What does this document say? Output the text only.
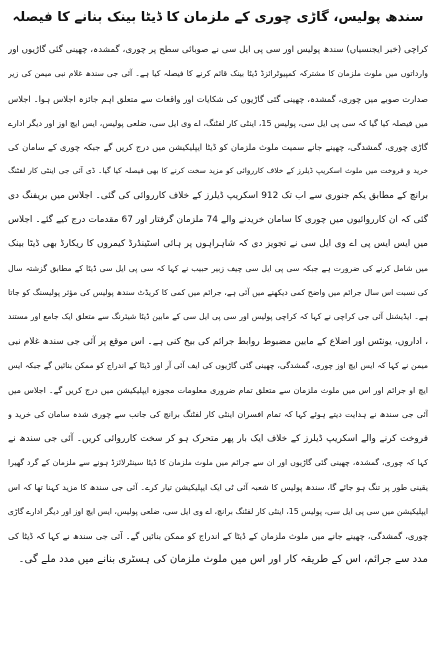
سندھ پولیس، گاڑی چوری کے ملزمان کا ڈیٹا بینک بنانے کا فیصلہ
کراچی (خبر ایجنسیاں) سندھ پولیس اور سی پی ایل سی نے صوبائی سطح پر چوری، گمشدہ، چھینی گئی گاڑیوں اور
وارداتوں میں ملوث ملزمان کا مشترکہ کمپیوٹرائزڈ ڈیٹا بینک قائم کرنے کا فیصلہ کیا ہے۔ آئی جی سندھ غلام نبی میمن کی زیر
صدارت صوبے میں چوری، گمشدہ، چھینی گئی گاڑیوں کی شکایات اور واقعات سے متعلق اہم جائزہ اجلاس ہوا۔ اجلاس
میں فیصلہ کیا گیا کہ سی پی ایل سی، پولیس 15، اینٹی کار لفٹنگ، اے وی ایل سی، ضلعی پولیس، ایس ایچ اوز اور دیگر ادارے
گاڑی چوری، گمشدگی، چھینے جانے سمیت ملوث ملزمان کو ڈیٹا ایپلیکیشن میں درج کریں گے جبکہ چوری کے سامان کی
خرید و فروخت میں ملوث اسکریپ ڈیلرز کے خلاف کارروائی کو مزید سخت کرنے کا بھی فیصلہ کیا گیا۔ ڈی آئی جی اینٹی کار لفٹنگ
برانچ کے مطابق یکم جنوری سے اب تک 912 اسکریپ ڈیلرز کے خلاف کارروائی کی گئی۔ اجلاس میں بریفنگ دی
گئی کہ ان کارروائیوں میں چوری کا سامان خریدنے والے 74 ملزمان گرفتار اور 67 مقدمات درج کیے گئے۔ اجلاس
میں ایس ایس پی اے وی ایل سی نے تجویز دی کہ شاہراہوں پر ہائی اسٹینڈرڈ کیمروں کا ریکارڈ بھی ڈیٹا بینک
میں شامل کرنے کی ضرورت ہے جبکہ سی پی ایل سی چیف زبیر حبیب نے کہا کہ سی پی ایل سی ڈیٹا کے مطابق گزشتہ سال
کی نسبت اس سال جرائم میں واضح کمی دیکھنے میں آئی ہے، جرائم میں کمی کا کریڈٹ سندھ پولیس کی مؤثر پولیسنگ کو جاتا
ہے۔ ایڈیشنل آئی جی کراچی نے کہا کہ کراچی پولیس اور سی پی ایل سی کے مابین ڈیٹا شیئرنگ سے متعلق ایک جامع اور مستند
، اداروں، یونٹس اور اضلاع کے مابین مضبوط روابط جرائم کی بیخ کنی ہے۔ اس موقع پر آئی جی سندھ غلام نبی
میمن نے کہا کہ ایس ایچ اوز چوری، گمشدگی، چھینی گئی گاڑیوں کی ایف آئی آر اور ڈیٹا کے اندراج کو ممکن بنائیں گے جبکہ ایس
ایچ او جرائم اور اس میں ملوث ملزمان سے متعلق تمام ضروری معلومات مجوزہ ایپلیکیشن میں درج کریں گے۔ اجلاس میں
آئی جی سندھ نے ہدایت دیتے ہوئے کہا کہ تمام افسران اینٹی کار لفٹنگ برانچ کی جانب سے چوری شدہ سامان کی خرید و
فروخت کرنے والے اسکریپ ڈیلرز کے خلاف ایک بار پھر متحرک ہو کر سخت کارروائی کریں۔ آئی جی سندھ نے
کہا کہ چوری، گمشدہ، چھینی گئی گاڑیوں اور ان سے جرائم میں ملوث ملزمان کا ڈیٹا سینٹرلائزڈ ہونے سے ملزمان کے گرد گھیرا
یقینی طور پر تنگ ہو جائے گا، سندھ پولیس کا شعبہ آئی ٹی ایک ایپلیکیشن تیار کرے۔ آئی جی سندھ کا مزید کہنا تھا کہ اس
ایپلیکیشن میں سی پی ایل سی، پولیس 15، اینٹی کار لفٹنگ برانچ، اے وی ایل سی، ضلعی پولیس، ایس ایچ اوز اور دیگر ادارے گاڑی
چوری، گمشدگی، چھینے جانے میں ملوث ملزمان کے ڈیٹا کے اندراج کو ممکن بنائیں گے۔ آئی جی سندھ نے کہا کہ ڈیٹا کی
مدد سے جرائم، اس کے طریقہ کار اور اس میں ملوث ملزمان کی ہسٹری بنانے میں مدد ملے گی۔
